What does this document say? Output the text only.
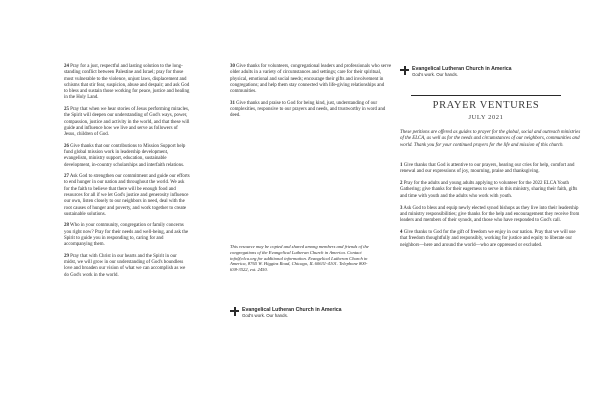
24 Pray for a just, respectful and lasting solution to the long-standing conflict between Palestine and Israel; pray for those most vulnerable to the violence, unjust laws, displacement and schisms that stir fear, suspicion, abuse and despair; and ask God to bless and sustain those working for peace, justice and healing in the Holy Land.
25 Pray that when we hear stories of Jesus performing miracles, the Spirit will deepen our understanding of God's ways, power, compassion, justice and activity in the world, and that these will guide and influence how we live and serve as followers of Jesus, children of God.
26 Give thanks that our contributions to Mission Support help fund global mission work in leadership development, evangelism, ministry support, education, sustainable development, in-country scholarships and interfaith relations.
27 Ask God to strengthen our commitment and guide our efforts to end hunger in our nation and throughout the world. We ask for the faith to believe that there will be enough food and resources for all if we let God's justice and generosity influence our own, listen closely to our neighbors in need, deal with the root causes of hunger and poverty, and work together to create sustainable solutions.
28 Who in your community, congregation or family concerns you right now? Pray for their needs and well-being, and ask the Spirit to guide you in responding to, caring for and accompanying them.
29 Pray that with Christ in our hearts and the Spirit in our midst, we will grow in our understanding of God's boundless love and broaden our vision of what we can accomplish as we do God's work in the world.
30 Give thanks for volunteers, congregational leaders and professionals who serve older adults in a variety of circumstances and settings; care for their spiritual, physical, emotional and social needs; encourage their gifts and involvement in congregations; and help them stay connected with life-giving relationships and communities.
31 Give thanks and praise to God for being kind, just, understanding of our complexities, responsive to our prayers and needs, and trustworthy in word and deed.
This resource may be copied and shared among members and friends of the congregations of the Evangelical Lutheran Church in America. Contact info@elca.org for additional information. Evangelical Lutheran Church in America, 8765 W. Higgins Road, Chicago, IL 60631-4101. Telephone 800-638-3522, ext. 2450.
Evangelical Lutheran Church in America
God's work. Our hands.
Evangelical Lutheran Church in America
God's work. Our hands.
PRAYER VENTURES
JULY 2021
These petitions are offered as guides to prayer for the global, social and outreach ministries of the ELCA, as well as for the needs and circumstances of our neighbors, communities and world. Thank you for your continued prayers for the life and mission of this church.
1 Give thanks that God is attentive to our prayers, hearing our cries for help, comfort and renewal and our expressions of joy, mourning, praise and thanksgiving.
2 Pray for the adults and young adults applying to volunteer for the 2022 ELCA Youth Gathering; give thanks for their eagerness to serve in this ministry, sharing their faith, gifts and time with youth and the adults who work with youth.
3 Ask God to bless and equip newly elected synod bishops as they live into their leadership and ministry responsibilities; give thanks for the help and encouragement they receive from leaders and members of their synods, and those who have responded to God's call.
4 Give thanks to God for the gift of freedom we enjoy in our nation. Pray that we will use that freedom thoughtfully and responsibly, working for justice and equity to liberate our neighbors—here and around the world—who are oppressed or excluded.
